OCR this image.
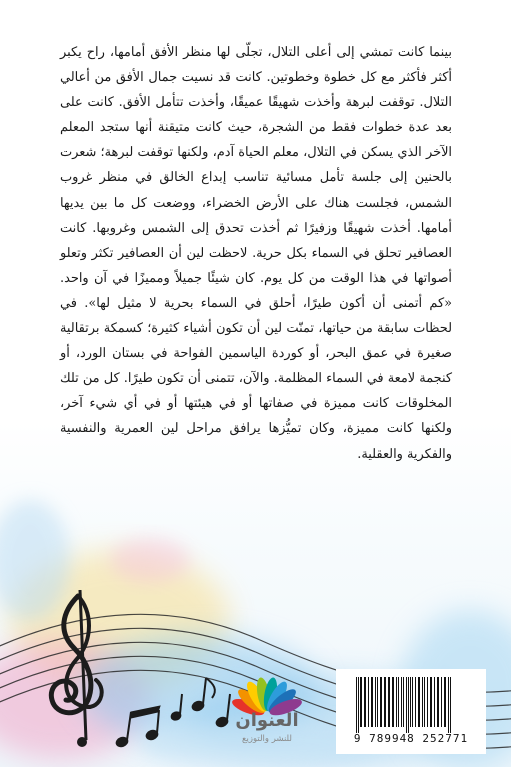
بينما كانت تمشي إلى أعلى التلال، تجلّى لها منظر الأفق أمامها، راح يكبر أكثر فأكثر مع كل خطوة وخطوتين. كانت قد نسيت جمال الأفق من أعالي التلال. توقفت لبرهة وأخذت شهيقًا عميقًا، وأخذت تتأمل الأفق. كانت على بعد عدة خطوات فقط من الشجرة، حيث كانت متيقنة أنها ستجد المعلم الآخر الذي يسكن في التلال، معلم الحياة آدم، ولكنها توقفت لبرهة؛ شعرت بالحنين إلى جلسة تأمل مسائية تناسب إبداع الخالق في منظر غروب الشمس، فجلست هناك على الأرض الخضراء، ووضعت كل ما بين يديها أمامها. أخذت شهيقًا وزفيرًا ثم أخذت تحدق إلى الشمس وغروبها. كانت العصافير تحلق في السماء بكل حرية. لاحظت لين أن العصافير تكثر وتعلو أصواتها في هذا الوقت من كل يوم. كان شيئًا جميلاً ومميزًا في آن واحد. «كم أتمنى أن أكون طيرًا، أحلق في السماء بحرية لا مثيل لها». في لحظات سابقة من حياتها، تمنّت لين أن تكون أشياء كثيرة؛ كسمكة برتقالية صغيرة في عمق البحر، أو كوردة الياسمين الفواحة في بستان الورد، أو كنجمة لامعة في السماء المظلمة. والآن، تتمنى أن تكون طيرًا. كل من تلك المخلوقات كانت مميزة في صفاتها أو في هيئتها أو في أي شيء آخر، ولكنها كانت مميزة، وكان تميُّزها يرافق مراحل لين العمرية والنفسية والفكرية والعقلية.

العنوان
للنشر والتوزيع	9 789948 252771
